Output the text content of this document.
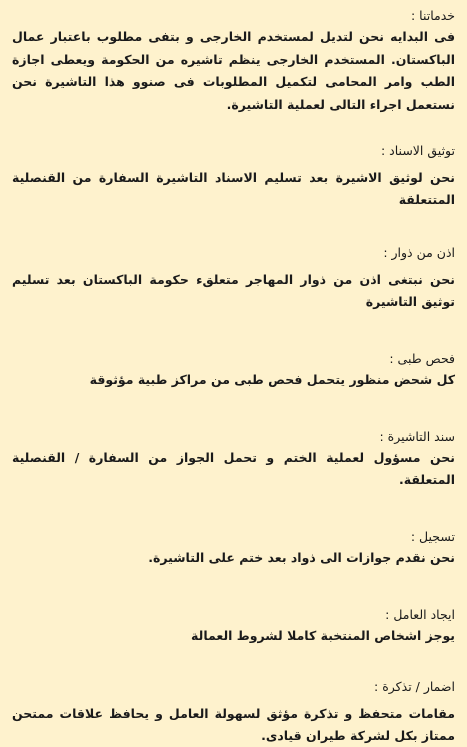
خدماتنا :
فى البدايه نحن لتديل لمستخدم الخارجى و بتفى مطلوب باعتبار عمال الباكستان. المستخدم الخارجى ينظم تاشيره من الحكومة ويعطى اجازة الطب وامر المحامى لتكميل المطلوبات فى صنوو هذا التاشيرة نحن نستعمل اجراء التالى لعملية التاشيرة.
توثيق الاسناد :
نحن لوثيق الاشيرة بعد تسليم الاسناد التاشيرة السفارة من القنصلية المتتعلقة
اذن من ذوار :
نحن نبتغى اذن من ذوار المهاجر متعلقء حكومة الباكستان بعد تسليم توثيق التاشيرة
فحص طبى :
كل شحض منظور يتحمل فحص طبى من مراكز طبية مؤثوقة
سند التاشيرة :
نحن مسؤول لعملية الختم و تحمل الجواز من السفارة / القنصلية المتعلقة.
تسجيل :
نحن نقدم جوازات الى ذواد بعد ختم على التاشيرة.
ايجاد العامل :
يوجز اشخاص المنتخبة كاملا لشروط العمالة
اضمار / تذكرة :
مقامات متحفظ و تذكرة مؤثق لسهولة العامل و يحافظ علاقات ممتحن ممتاز بكل لشركة طيران قيادى.
